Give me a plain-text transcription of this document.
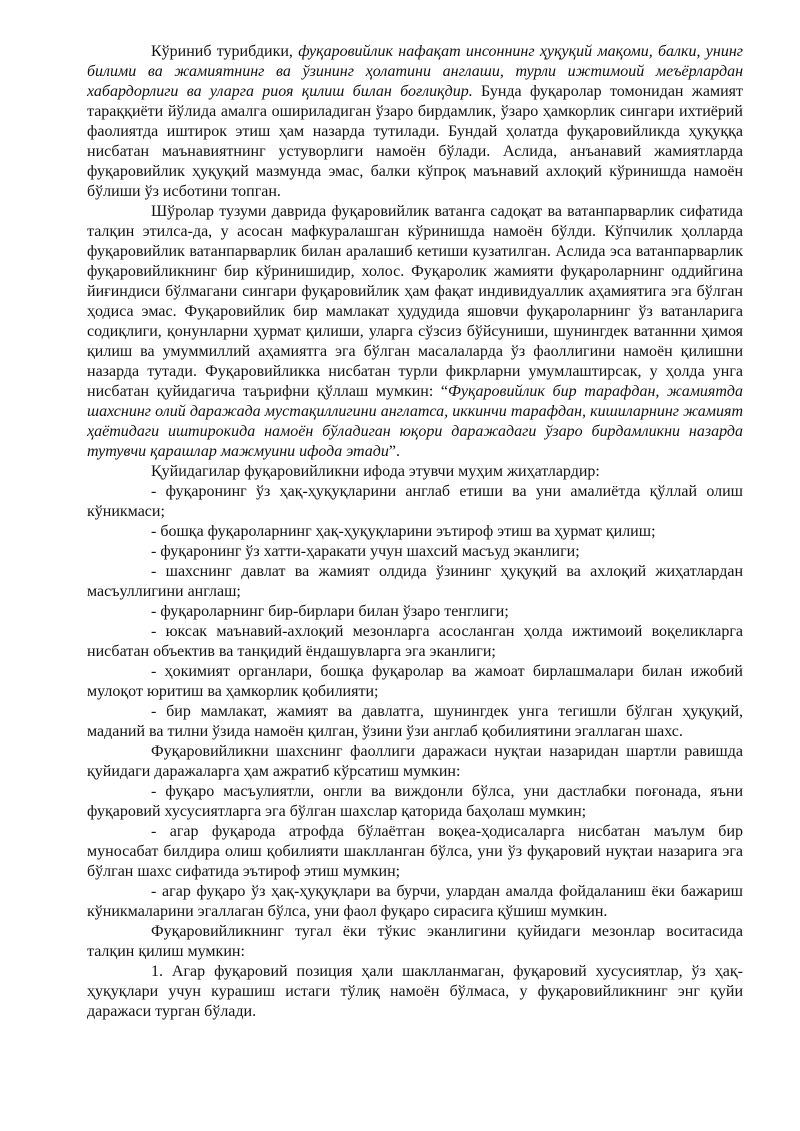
Кўриниб турибдики, фуқаровийлик нафақат инсоннинг ҳуқуқий мақоми, балки, унинг билими ва жамиятнинг ва ўзининг ҳолатини англаши, турли ижтимоий меъёрлардан хабардорлиги ва уларга риоя қилиш билан боғлиқдир. Бунда фуқаролар томонидан жамият тараққиёти йўлида амалга ошириладиган ўзаро бирдамлик, ўзаро ҳамкорлик сингари ихтиёрий фаолиятда иштирок этиш ҳам назарда тутилади. Бундай ҳолатда фуқаровийликда ҳуқуққа нисбатан маънавиятнинг устуворлиги намоён бўлади. Аслида, анъанавий жамиятларда фуқаровийлик ҳуқуқий мазмунда эмас, балки кўпроқ маънавий ахлоқий кўринишда намоён бўлиши ўз исботини топган.

Шўролар тузуми даврида фуқаровийлик ватанга садоқат ва ватанпарварлик сифатида талқин этилса-да, у асосан мафкуралашган кўринишда намоён бўлди. Кўпчилик ҳолларда фуқаровийлик ватанпарварлик билан аралашиб кетиши кузатилган. Аслида эса ватанпарварлик фуқаровийликнинг бир кўринишидир, холос. Фуқаролик жамияти фуқароларнинг оддийгина йиғиндиси бўлмагани сингари фуқаровийлик ҳам фақат индивидуаллик аҳамиятига эга бўлган ҳодиса эмас. Фуқаровийлик бир мамлакат ҳудудида яшовчи фуқароларнинг ўз ватанларига содиқлиги, қонунларни ҳурмат қилиши, уларга сўзсиз бўйсуниши, шунингдек ватаннни ҳимоя қилиш ва умуммиллий аҳамиятга эга бўлган масалаларда ўз фаоллигини намоён қилишни назарда тутади. Фуқаровийликка нисбатан турли фикрларни умумлаштирсак, у ҳолда унга нисбатан қуйидагича таърифни қўллаш мумкин: “Фуқаровийлик бир тарафдан, жамиятда шахснинг олий даражада мустақиллигини англатса, иккинчи тарафдан, кишиларнинг жамият ҳаётидаги иштирокида намоён бўладиган юқори даражадаги ўзаро бирдамликни назарда тутувчи қарашлар мажмуини ифода этади”.

Қуйидагилар фуқаровийликни ифода этувчи муҳим жиҳатлардир:

- фуқаронинг ўз ҳақ-ҳуқуқларини англаб етиши ва уни амалиётда қўллай олиш кўникмаси;

- бошқа фуқароларнинг ҳақ-ҳуқуқларини эътироф этиш ва ҳурмат қилиш;

- фуқаронинг ўз хатти-ҳаракати учун шахсий масъуд эканлиги;

- шахснинг давлат ва жамият олдида ўзининг ҳуқуқий ва ахлоқий жиҳатлардан масъуллигини англаш;

- фуқароларнинг бир-бирлари билан ўзаро тенглиги;

- юксак маънавий-ахлоқий мезонларга асосланган ҳолда ижтимоий воқеликларга нисбатан объектив ва танқидий ёндашувларга эга эканлиги;

- ҳокимият органлари, бошқа фуқаролар ва жамоат бирлашмалари билан ижобий мулоқот юритиш ва ҳамкорлик қобилияти;

- бир мамлакат, жамият ва давлатга, шунингдек унга тегишли бўлган ҳуқуқий, маданий ва тилни ўзида намоён қилган, ўзини ўзи англаб қобилиятини эгаллаган шахс.

Фуқаровийликни шахснинг фаоллиги даражаси нуқтаи назаридан шартли равишда қуйидаги даражаларга ҳам ажратиб кўрсатиш мумкин:

- фуқаро масъулиятли, онгли ва виждонли бўлса, уни дастлабки поғонада, яъни фуқаровий хусусиятларга эга бўлган шахслар қаторида баҳолаш мумкин;

- агар фуқарода атрофда бўлаётган воқеа-ҳодисаларга нисбатан маълум бир муносабат билдира олиш қобилияти шаклланган бўлса, уни ўз фуқаровий нуқтаи назарига эга бўлган шахс сифатида эътироф этиш мумкин;

- агар фуқаро ўз ҳақ-ҳуқуқлари ва бурчи, улардан амалда фойдаланиш ёки бажариш кўникмаларини эгаллаган бўлса, уни фаол фуқаро сирасига қўшиш мумкин.

Фуқаровийликнинг тугал ёки тўкис эканлигини қуйидаги мезонлар воситасида талқин қилиш мумкин:

1. Агар фуқаровий позиция ҳали шаклланмаган, фуқаровий хусусиятлар, ўз ҳақ-ҳуқуқлари учун курашиш истаги тўлиқ намоён бўлмаса, у фуқаровийликнинг энг қуйи даражаси турган бўлади.
